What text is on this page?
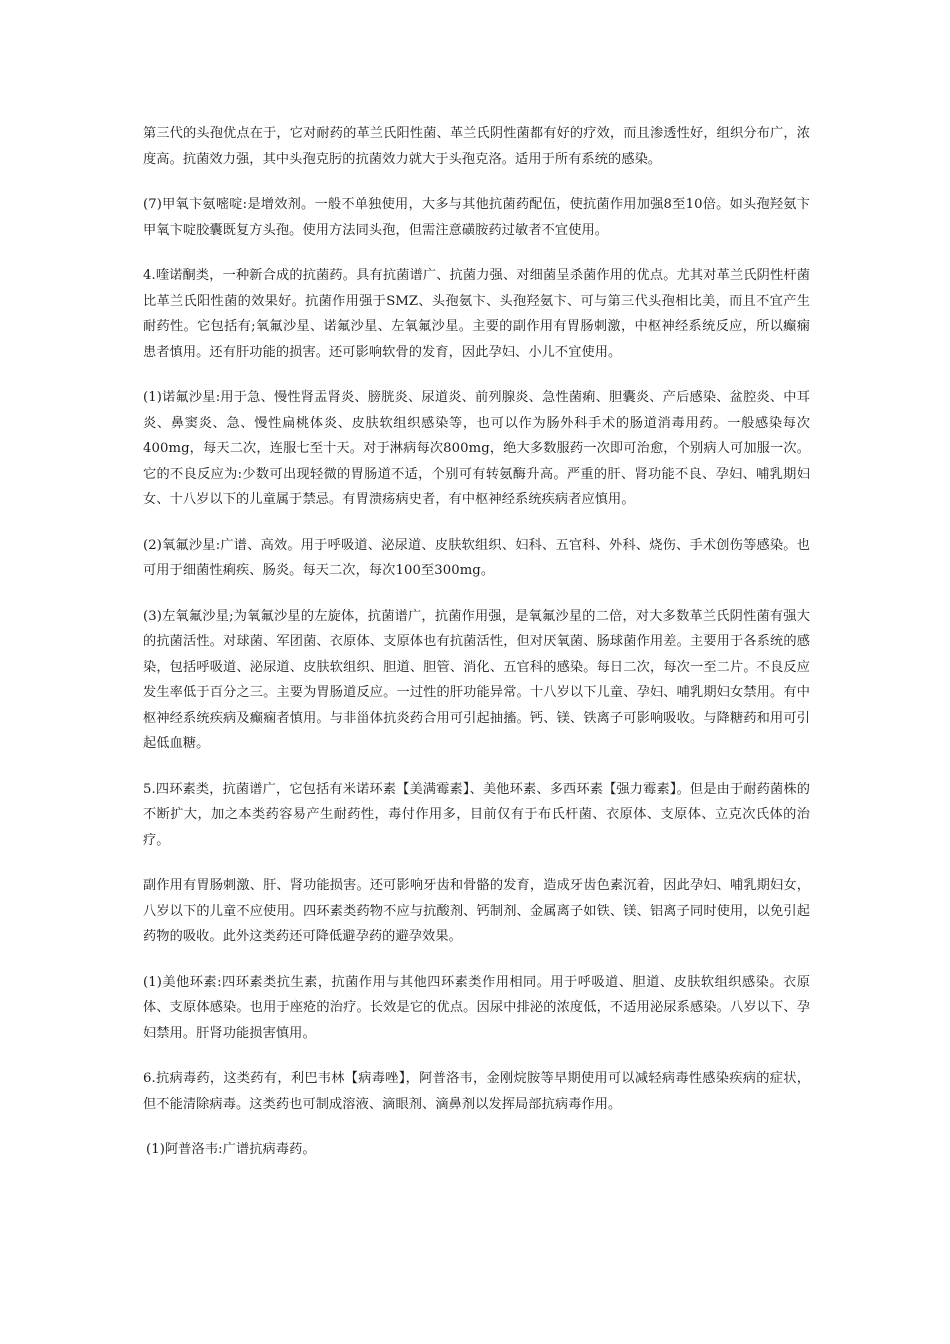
第三代的头孢优点在于，它对耐药的革兰氏阳性菌、革兰氏阴性菌都有好的疗效，而且渗透性好，组织分布广，浓度高。抗菌效力强，其中头孢克肟的抗菌效力就大于头孢克洛。适用于所有系统的感染。

(7)甲氧卞氨嘧啶:是增效剂。一般不单独使用，大多与其他抗菌药配伍，使抗菌作用加强8至10倍。如头孢羟氨卞甲氧卞啶胶囊既复方头孢。使用方法同头孢，但需注意磺胺药过敏者不宜使用。

4.喹诺酮类，一种新合成的抗菌药。具有抗菌谱广、抗菌力强、对细菌呈杀菌作用的优点。尤其对革兰氏阴性杆菌比革兰氏阳性菌的效果好。抗菌作用强于SMZ、头孢氨卞、头孢羟氨卞、可与第三代头孢相比美，而且不宜产生耐药性。它包括有;氧氟沙星、诺氟沙星、左氧氟沙星。主要的副作用有胃肠刺激，中枢神经系统反应，所以癫痫患者慎用。还有肝功能的损害。还可影响软骨的发育，因此孕妇、小儿不宜使用。

(1)诺氟沙星:用于急、慢性肾盂肾炎、膀胱炎、尿道炎、前列腺炎、急性菌痢、胆囊炎、产后感染、盆腔炎、中耳炎、鼻窦炎、急、慢性扁桃体炎、皮肤软组织感染等，也可以作为肠外科手术的肠道消毒用药。一般感染每次400mg，每天二次，连服七至十天。对于淋病每次800mg，绝大多数服药一次即可治愈，个别病人可加服一次。它的不良反应为:少数可出现轻微的胃肠道不适，个别可有转氨酶升高。严重的肝、肾功能不良、孕妇、哺乳期妇女、十八岁以下的儿童属于禁忌。有胃溃疡病史者，有中枢神经系统疾病者应慎用。

(2)氧氟沙星:广谱、高效。用于呼吸道、泌尿道、皮肤软组织、妇科、五官科、外科、烧伤、手术创伤等感染。也可用于细菌性痢疾、肠炎。每天二次，每次100至300mg。

(3)左氧氟沙星;为氧氟沙星的左旋体，抗菌谱广，抗菌作用强，是氧氟沙星的二倍，对大多数革兰氏阴性菌有强大的抗菌活性。对球菌、军团菌、衣原体、支原体也有抗菌活性，但对厌氧菌、肠球菌作用差。主要用于各系统的感染，包括呼吸道、泌尿道、皮肤软组织、胆道、胆管、消化、五官科的感染。每日二次，每次一至二片。不良反应发生率低于百分之三。主要为胃肠道反应。一过性的肝功能异常。十八岁以下儿童、孕妇、哺乳期妇女禁用。有中枢神经系统疾病及癫痫者慎用。与非甾体抗炎药合用可引起抽搐。钙、镁、铁离子可影响吸收。与降糖药和用可引起低血糖。

5.四环素类，抗菌谱广，它包括有米诺环素【美满霉素】、美他环素、多西环素【强力霉素】。但是由于耐药菌株的不断扩大，加之本类药容易产生耐药性，毒付作用多，目前仅有于布氏杆菌、衣原体、支原体、立克次氏体的治疗。

副作用有胃肠刺激、肝、肾功能损害。还可影响牙齿和骨骼的发育，造成牙齿色素沉着，因此孕妇、哺乳期妇女，八岁以下的儿童不应使用。四环素类药物不应与抗酸剂、钙制剂、金属离子如铁、镁、铝离子同时使用，以免引起药物的吸收。此外这类药还可降低避孕药的避孕效果。

(1)美他环素:四环素类抗生素，抗菌作用与其他四环素类作用相同。用于呼吸道、胆道、皮肤软组织感染。衣原体、支原体感染。也用于座疮的治疗。长效是它的优点。因尿中排泌的浓度低，不适用泌尿系感染。八岁以下、孕妇禁用。肝肾功能损害慎用。

6.抗病毒药，这类药有，利巴韦林【病毒唑】，阿普洛韦，金刚烷胺等早期使用可以减轻病毒性感染疾病的症状，但不能清除病毒。这类药也可制成溶液、滴眼剂、滴鼻剂以发挥局部抗病毒作用。

(1)阿普洛韦:广谱抗病毒药。
